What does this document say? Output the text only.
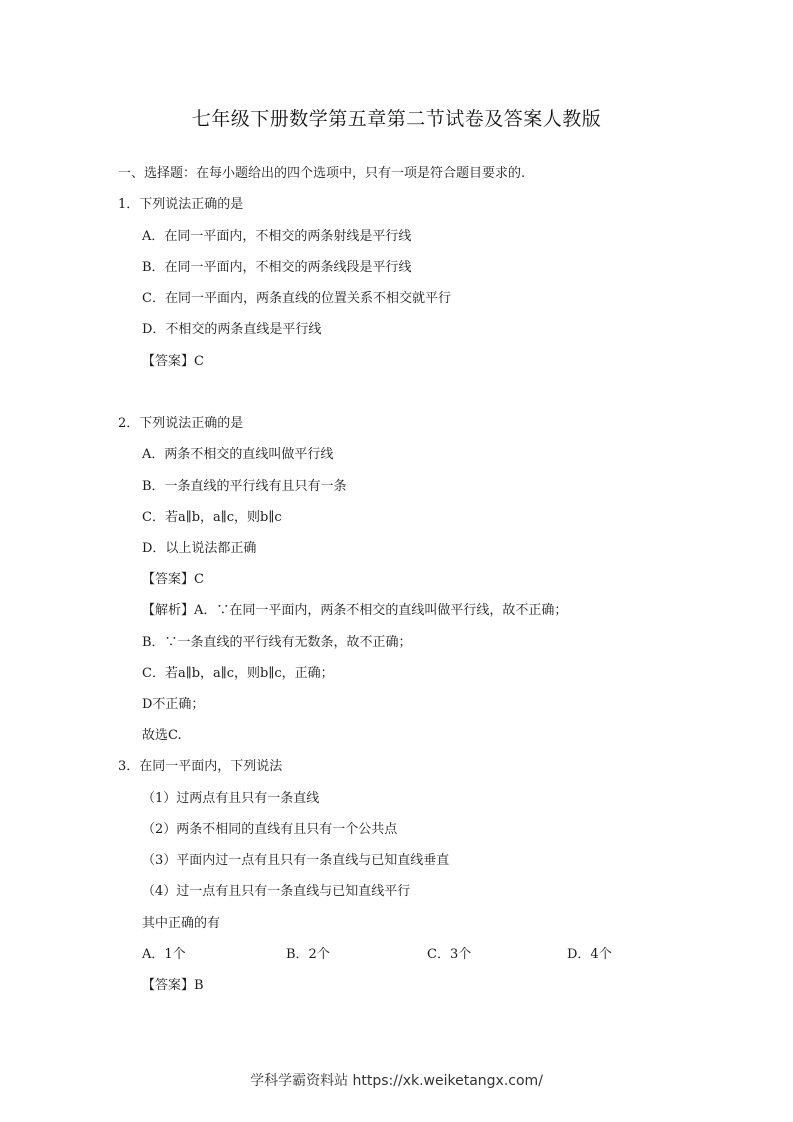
七年级下册数学第五章第二节试卷及答案人教版
一、选择题：在每小题给出的四个选项中，只有一项是符合题目要求的.
1．下列说法正确的是
A．在同一平面内，不相交的两条射线是平行线
B．在同一平面内，不相交的两条线段是平行线
C．在同一平面内，两条直线的位置关系不相交就平行
D．不相交的两条直线是平行线
【答案】C
2．下列说法正确的是
A．两条不相交的直线叫做平行线
B．一条直线的平行线有且只有一条
C．若a∥b，a∥c，则b∥c
D．以上说法都正确
【答案】C
【解析】A．∵在同一平面内，两条不相交的直线叫做平行线，故不正确；
B．∵一条直线的平行线有无数条，故不正确；
C．若a∥b，a∥c，则b∥c，正确；
D不正确；
故选C.
3．在同一平面内，下列说法
（1）过两点有且只有一条直线
（2）两条不相同的直线有且只有一个公共点
（3）平面内过一点有且只有一条直线与已知直线垂直
（4）过一点有且只有一条直线与已知直线平行
其中正确的有
A．1个	B．2个	C．3个	D．4个
【答案】B
学科学霸资料站 https://xk.weiketangx.com/
